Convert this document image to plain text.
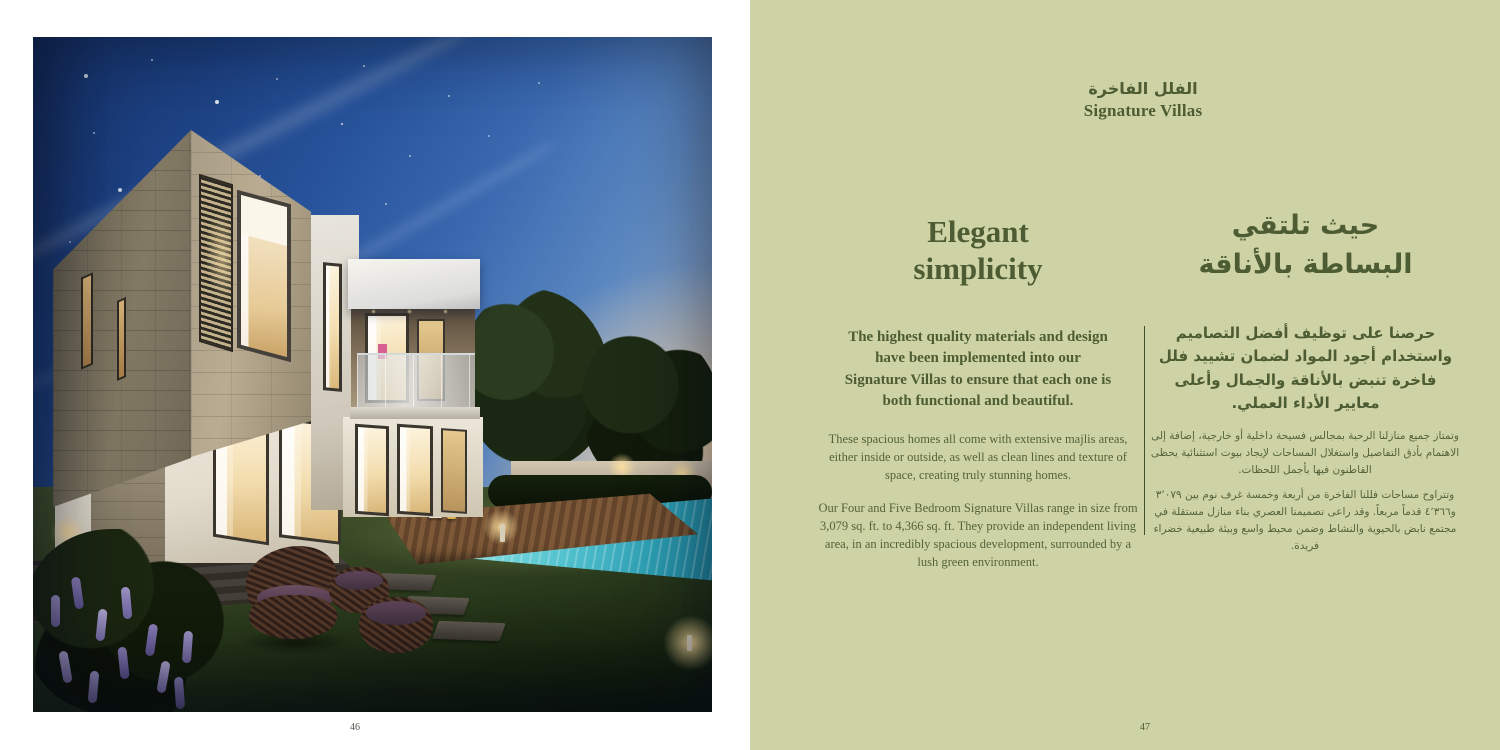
46
الفلل الفاخرة
Signature Villas
Elegant simplicity

The highest quality materials and design have been implemented into our Signature Villas to ensure that each one is both functional and beautiful.

These spacious homes all come with extensive majlis areas, either inside or outside, as well as clean lines and texture of space, creating truly stunning homes.

Our Four and Five Bedroom Signature Villas range in size from 3,079 sq. ft. to 4,366 sq. ft. They provide an independent living area, in an incredibly spacious development, surrounded by a lush green environment.

حيث تلتقي البساطة بالأناقة

حرصنا على توظيف أفضل التصاميم واستخدام أجود المواد لضمان تشييد فلل فاخرة تنبض بالأناقة والجمال وأعلى معايير الأداء العملي.

وتمتاز جميع منازلنا الرحبة بمجالس فسيحة داخلية أو خارجية، إضافة إلى الاهتمام بأدق التفاصيل واستغلال المساحات لإيجاد بيوت استثنائية يحظى القاطنون فيها بأجمل اللحظات.

وتتراوح مساحات فللنا الفاخرة من أربعة وخمسة غرف نوم بين ٣٬٠٧٩ و٤٬٣٦٦ قدماً مربعاً. وقد راعى تصميمنا العصري بناء منازل مستقلة في مجتمع نابض بالحيوية والنشاط وضمن محيط واسع وبيئة طبيعية خضراء فريدة.

47
